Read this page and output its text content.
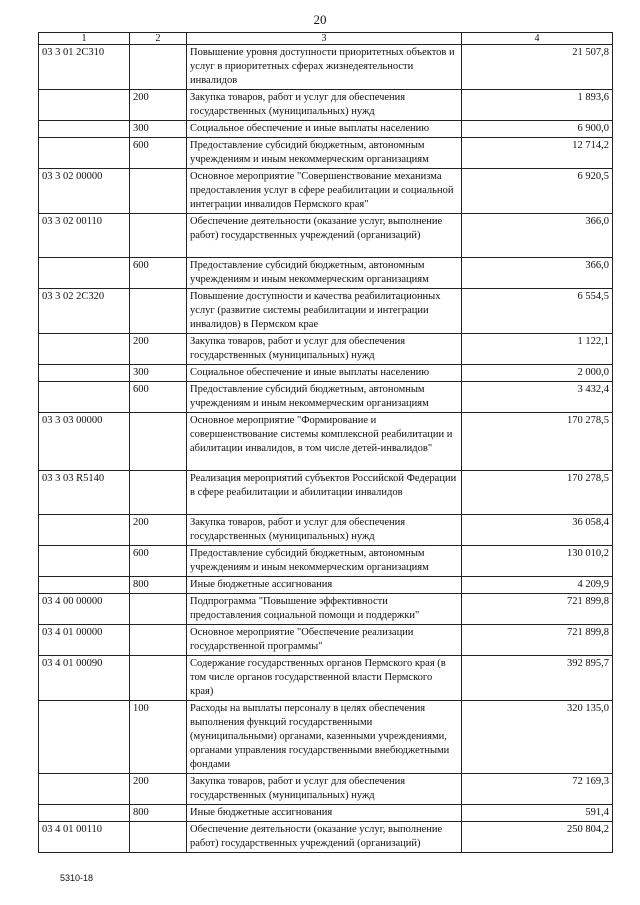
20
1	2	3	4
03 3 01 2С310		Повышение уровня доступности приоритетных объектов и услуг в приоритетных сферах жизнедеятельности инвалидов	21 507,8
	200	Закупка товаров, работ и услуг для обеспечения государственных (муниципальных) нужд	1 893,6
	300	Социальное обеспечение и иные выплаты населению	6 900,0
	600	Предоставление субсидий бюджетным, автономным учреждениям и иным некоммерческим организациям	12 714,2
03 3 02 00000		Основное мероприятие "Совершенствование механизма предоставления услуг в сфере реабилитации и социальной интеграции инвалидов Пермского края"	6 920,5
03 3 02 00110		Обеспечение деятельности (оказание услуг, выполнение работ) государственных учреждений (организаций)	366,0
	600	Предоставление субсидий бюджетным, автономным учреждениям и иным некоммерческим организациям	366,0
03 3 02 2С320		Повышение доступности и качества реабилитационных услуг (развитие системы реабилитации и интеграции инвалидов) в Пермском крае	6 554,5
	200	Закупка товаров, работ и услуг для обеспечения государственных (муниципальных) нужд	1 122,1
	300	Социальное обеспечение и иные выплаты населению	2 000,0
	600	Предоставление субсидий бюджетным, автономным учреждениям и иным некоммерческим организациям	3 432,4
03 3 03 00000		Основное мероприятие "Формирование и совершенствование системы комплексной реабилитации и абилитации инвалидов, в том числе детей-инвалидов"	170 278,5
03 3 03 R5140		Реализация мероприятий субъектов Российской Федерации в сфере реабилитации и абилитации инвалидов	170 278,5
	200	Закупка товаров, работ и услуг для обеспечения государственных (муниципальных) нужд	36 058,4
	600	Предоставление субсидий бюджетным, автономным учреждениям и иным некоммерческим организациям	130 010,2
	800	Иные бюджетные ассигнования	4 209,9
03 4 00 00000		Подпрограмма "Повышение эффективности предоставления социальной помощи и поддержки"	721 899,8
03 4 01 00000		Основное мероприятие "Обеспечение реализации государственной программы"	721 899,8
03 4 01 00090		Содержание государственных органов Пермского края (в том числе органов государственной власти Пермского края)	392 895,7
	100	Расходы на выплаты персоналу в целях обеспечения выполнения функций государственными (муниципальными) органами, казенными учреждениями, органами управления государственными внебюджетными фондами	320 135,0
	200	Закупка товаров, работ и услуг для обеспечения государственных (муниципальных) нужд	72 169,3
	800	Иные бюджетные ассигнования	591,4
03 4 01 00110		Обеспечение деятельности (оказание услуг, выполнение работ) государственных учреждений (организаций)	250 804,2
5310-18
